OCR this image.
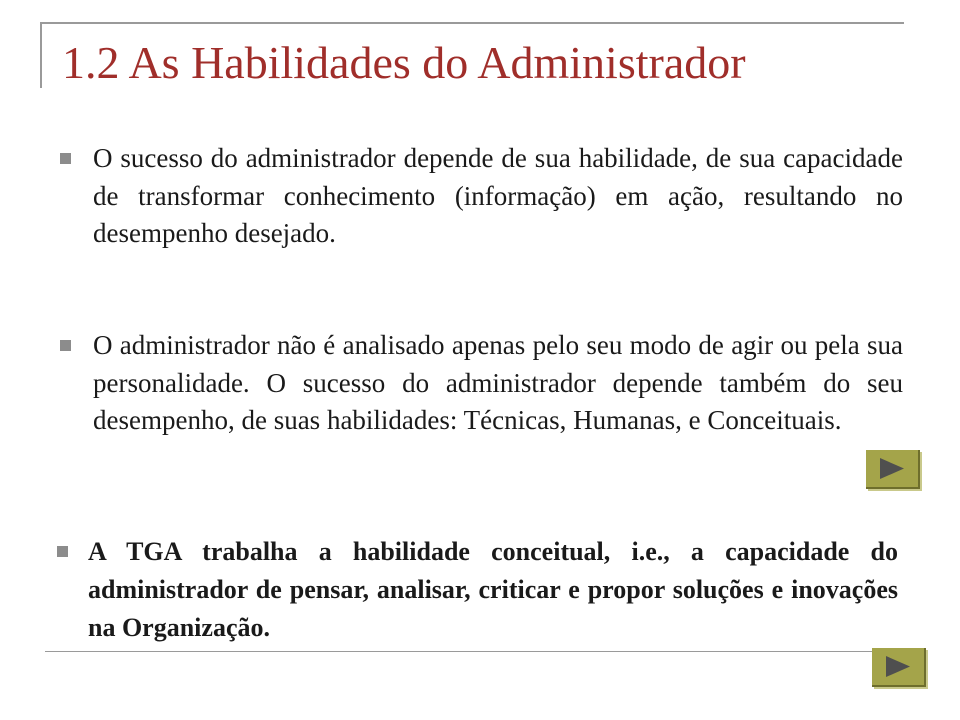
1.2 As Habilidades do Administrador

O sucesso do administrador depende de sua habilidade, de sua capacidade de transformar conhecimento (informação) em ação, resultando no desempenho desejado.

O administrador não é analisado apenas pelo seu modo de agir ou pela sua personalidade. O sucesso do administrador depende também do seu desempenho, de suas habilidades: Técnicas, Humanas, e Conceituais.

A TGA trabalha a habilidade conceitual, i.e., a capacidade do administrador de pensar, analisar, criticar e propor soluções e inovações na Organização.
